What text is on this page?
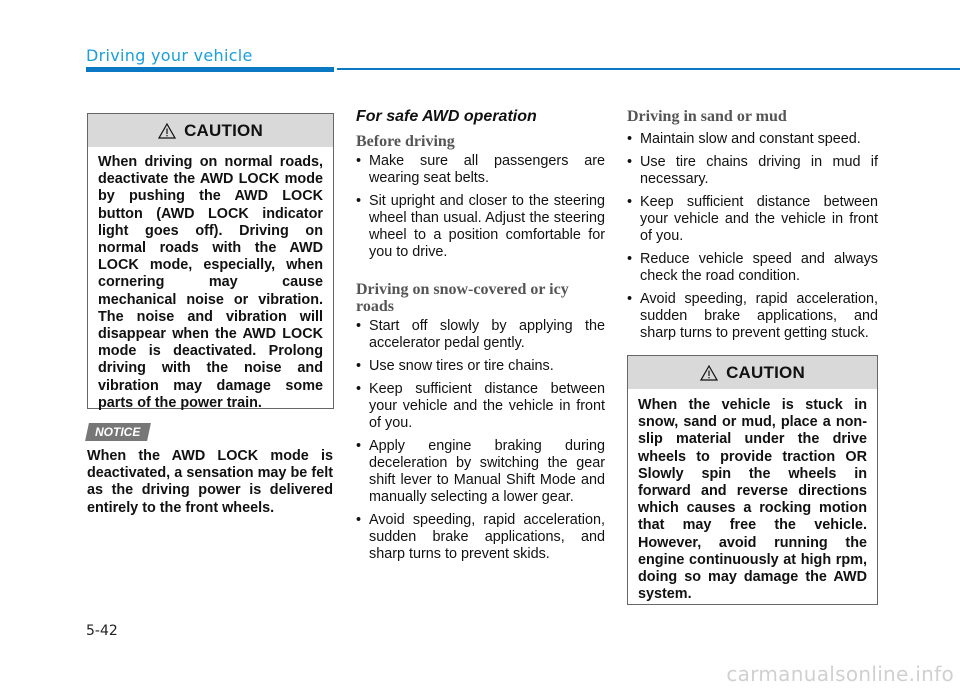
Driving your vehicle
CAUTION
When driving on normal roads, deactivate the AWD LOCK mode by pushing the AWD LOCK button (AWD LOCK indicator light goes off). Driving on normal roads with the AWD LOCK mode, especially, when cornering may cause mechanical noise or vibration. The noise and vibration will disappear when the AWD LOCK mode is deactivated. Prolong driving with the noise and vibration may damage some parts of the power train.
NOTICE
When the AWD LOCK mode is deactivated, a sensation may be felt as the driving power is delivered entirely to the front wheels.
For safe AWD operation
Before driving
• Make sure all passengers are wearing seat belts.
• Sit upright and closer to the steering wheel than usual. Adjust the steering wheel to a position comfortable for you to drive.
Driving on snow-covered or icy roads
• Start off slowly by applying the accelerator pedal gently.
• Use snow tires or tire chains.
• Keep sufficient distance between your vehicle and the vehicle in front of you.
• Apply engine braking during deceleration by switching the gear shift lever to Manual Shift Mode and manually selecting a lower gear.
• Avoid speeding, rapid acceleration, sudden brake applications, and sharp turns to prevent skids.
Driving in sand or mud
• Maintain slow and constant speed.
• Use tire chains driving in mud if necessary.
• Keep sufficient distance between your vehicle and the vehicle in front of you.
• Reduce vehicle speed and always check the road condition.
• Avoid speeding, rapid acceleration, sudden brake applications, and sharp turns to prevent getting stuck.
CAUTION
When the vehicle is stuck in snow, sand or mud, place a non-slip material under the drive wheels to provide traction OR Slowly spin the wheels in forward and reverse directions which causes a rocking motion that may free the vehicle. However, avoid running the engine continuously at high rpm, doing so may damage the AWD system.
5-42
carmanualsonline.info
